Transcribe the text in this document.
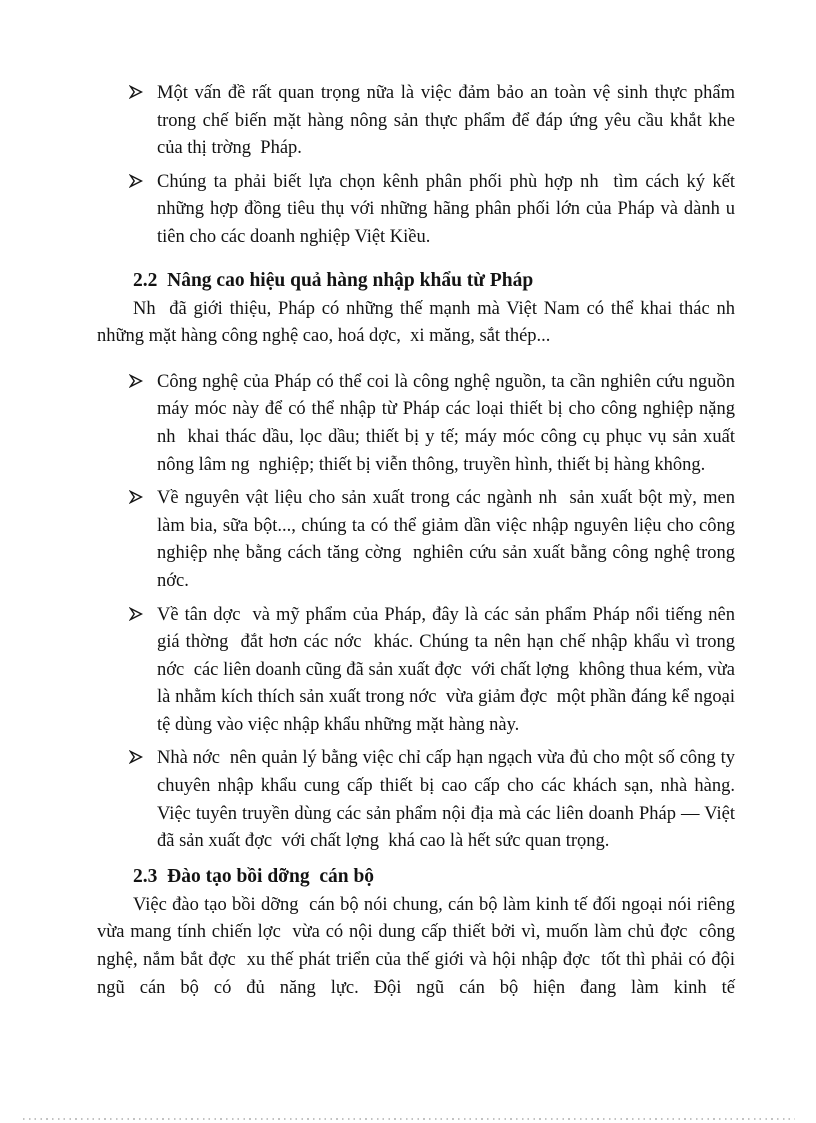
Một vấn đề rất quan trọng nữa là việc đảm bảo an toàn vệ sinh thực phẩm trong chế biến mặt hàng nông sản thực phẩm để đáp ứng yêu cầu khắt khe của thị trờng  Pháp.
Chúng ta phải biết lựa chọn kênh phân phối phù hợp nh  tìm cách ký kết những hợp đồng tiêu thụ với những hãng phân phối lớn của Pháp và dành u  tiên cho các doanh nghiệp Việt Kiều.
2.2  Nâng cao hiệu quả hàng nhập khẩu từ Pháp

Nh  đã giới thiệu, Pháp có những thế mạnh mà Việt Nam có thể khai thác nh  những mặt hàng công nghệ cao, hoá dợc,  xi măng, sắt thép...

Công nghệ của Pháp có thể coi là công nghệ nguồn, ta cần nghiên cứu nguồn máy móc này để có thể nhập từ Pháp các loại thiết bị cho công nghiệp nặng nh  khai thác dầu, lọc dầu; thiết bị y tế; máy móc công cụ phục vụ sản xuất nông lâm ng  nghiệp; thiết bị viễn thông, truyền hình, thiết bị hàng không.
Về nguyên vật liệu cho sản xuất trong các ngành nh  sản xuất bột mỳ, men làm bia, sữa bột..., chúng ta có thể giảm dần việc nhập nguyên liệu cho công nghiệp nhẹ bằng cách tăng cờng  nghiên cứu sản xuất bằng công nghệ trong nớc.
Về tân dợc  và mỹ phẩm của Pháp, đây là các sản phẩm Pháp nổi tiếng nên giá thờng  đắt hơn các nớc  khác. Chúng ta nên hạn chế nhập khẩu vì trong nớc  các liên doanh cũng đã sản xuất đợc  với chất lợng  không thua kém, vừa là nhằm kích thích sản xuất trong nớc  vừa giảm đợc  một phần đáng kể ngoại tệ dùng vào việc nhập khẩu những mặt hàng này.
Nhà nớc  nên quản lý bằng việc chỉ cấp hạn ngạch vừa đủ cho một số công ty chuyên nhập khẩu cung cấp thiết bị cao cấp cho các khách sạn, nhà hàng. Việc tuyên truyền dùng các sản phẩm nội địa mà các liên doanh Pháp — Việt đã sản xuất đợc  với chất lợng  khá cao là hết sức quan trọng.
2.3  Đào tạo bồi dỡng  cán bộ

Việc đào tạo bồi dỡng  cán bộ nói chung, cán bộ làm kinh tế đối ngoại nói riêng vừa mang tính chiến lợc  vừa có nội dung cấp thiết bởi vì, muốn làm chủ đợc  công nghệ, nắm bắt đợc  xu thế phát triển của thế giới và hội nhập đợc  tốt thì phải có đội ngũ cán bộ có đủ năng lực. Đội ngũ cán bộ hiện đang làm kinh tế
